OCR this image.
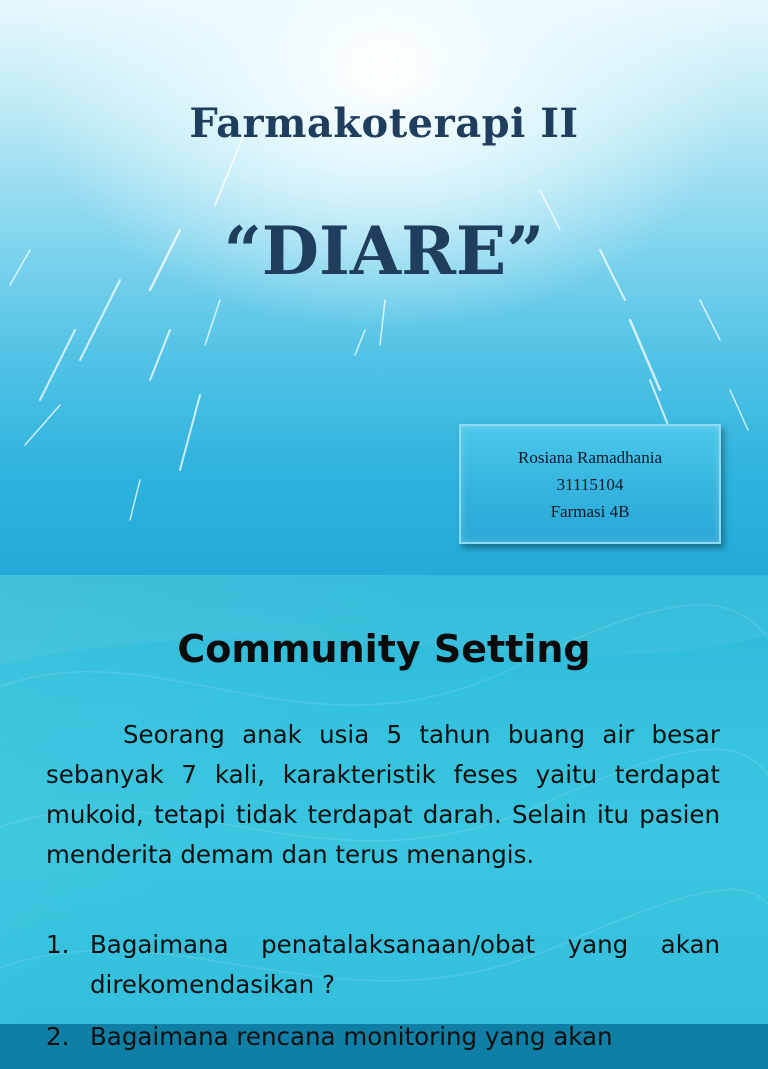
Farmakoterapi II
“DIARE”
Rosiana Ramadhania
31115104
Farmasi 4B
Community Setting
Seorang anak usia 5 tahun buang air besar sebanyak 7 kali, karakteristik feses yaitu terdapat mukoid, tetapi tidak terdapat darah. Selain itu pasien menderita demam dan terus menangis.
1. Bagaimana penatalaksanaan/obat yang akan direkomendasikan ?
2. Bagaimana rencana monitoring yang akan
